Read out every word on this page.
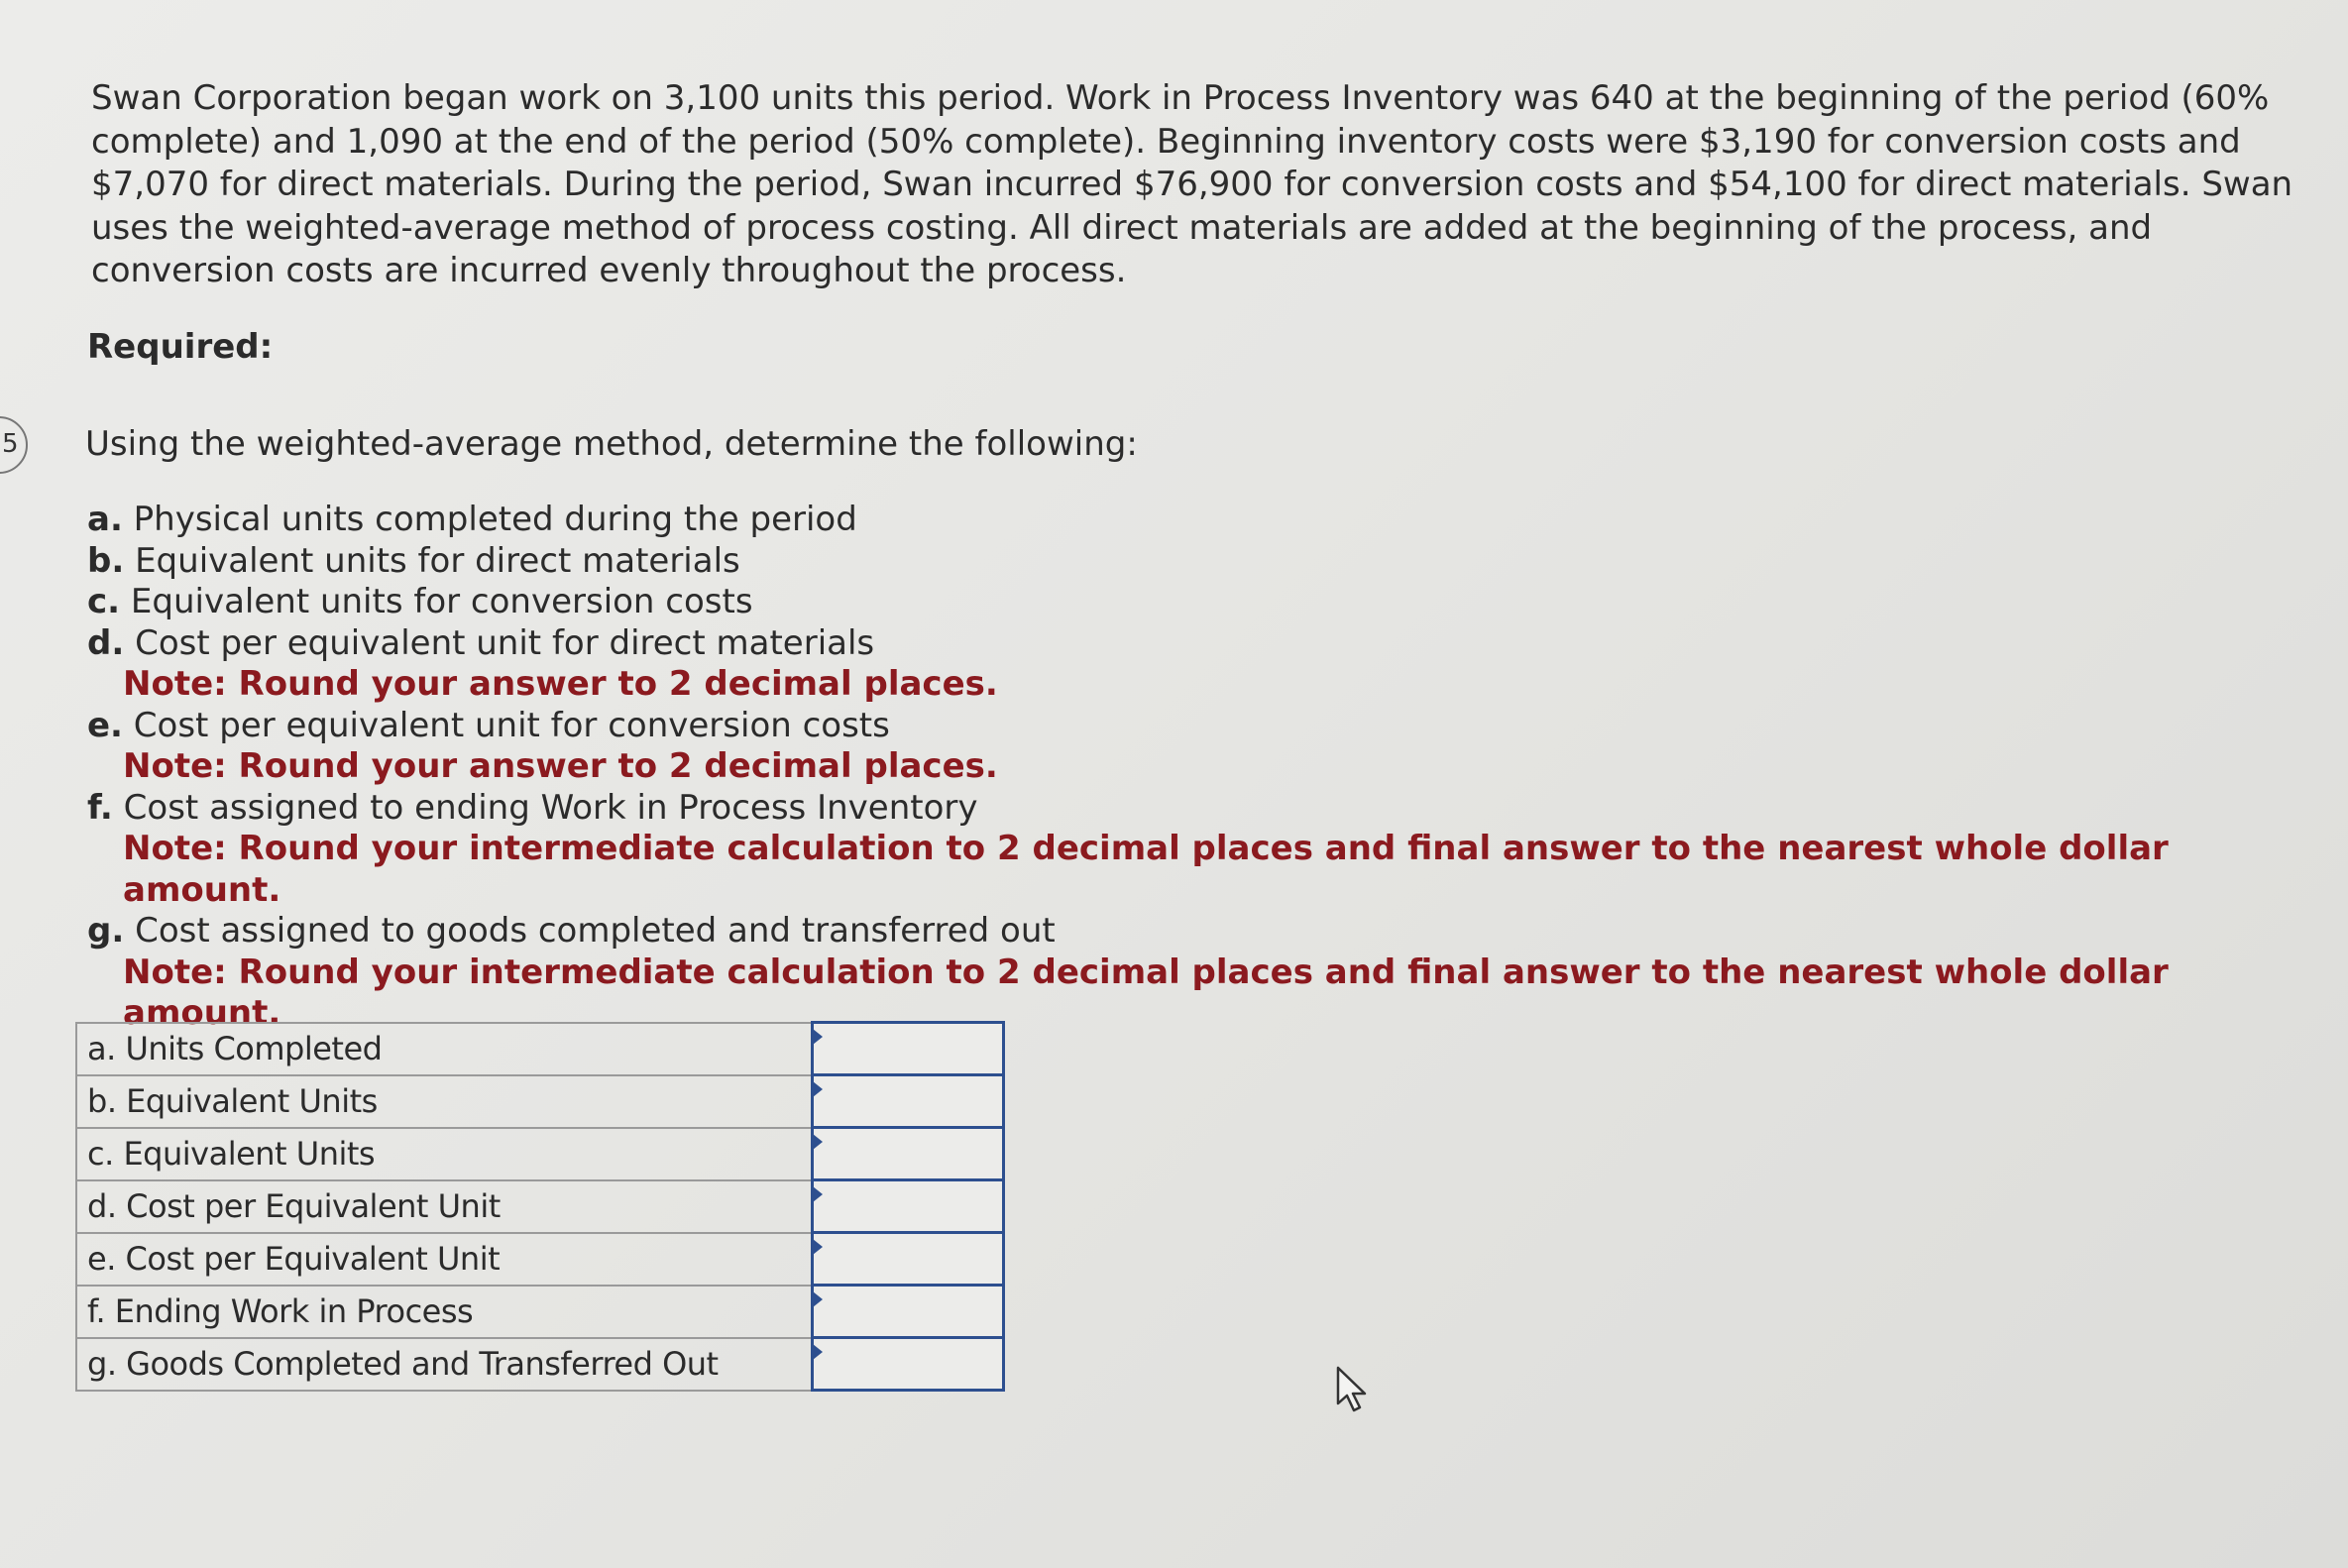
5

Swan Corporation began work on 3,100 units this period. Work in Process Inventory was 640 at the beginning of the period (60% complete) and 1,090 at the end of the period (50% complete). Beginning inventory costs were $3,190 for conversion costs and $7,070 for direct materials. During the period, Swan incurred $76,900 for conversion costs and $54,100 for direct materials. Swan uses the weighted-average method of process costing. All direct materials are added at the beginning of the process, and conversion costs are incurred evenly throughout the process.

Required:

Using the weighted-average method, determine the following:

a. Physical units completed during the period
b. Equivalent units for direct materials
c. Equivalent units for conversion costs
d. Cost per equivalent unit for direct materials
Note: Round your answer to 2 decimal places.
e. Cost per equivalent unit for conversion costs
Note: Round your answer to 2 decimal places.
f. Cost assigned to ending Work in Process Inventory
Note: Round your intermediate calculation to 2 decimal places and final answer to the nearest whole dollar amount.
g. Cost assigned to goods completed and transferred out
Note: Round your intermediate calculation to 2 decimal places and final answer to the nearest whole dollar amount.
a. Units Completed	

b. Equivalent Units	

c. Equivalent Units	

d. Cost per Equivalent Unit	

e. Cost per Equivalent Unit	

f. Ending Work in Process	

g. Goods Completed and Transferred Out	
